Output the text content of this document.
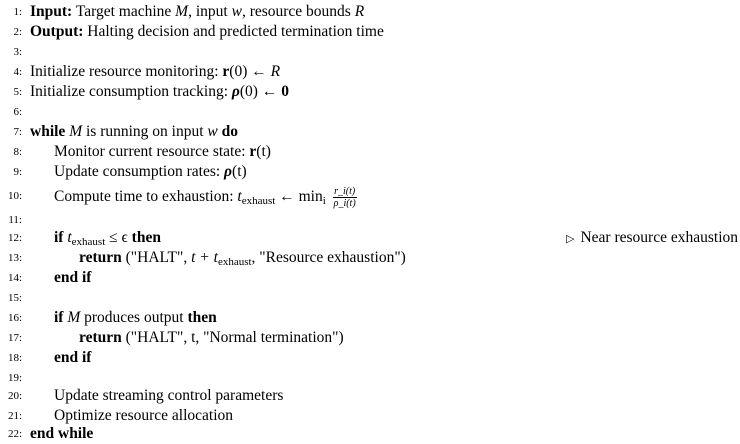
1: Input: Target machine M, input w, resource bounds R
2: Output: Halting decision and predicted termination time
3:
4: Initialize resource monitoring: r(0) ← R
5: Initialize consumption tracking: ρ(0) ← 0
6:
7: while M is running on input w do
8: Monitor current resource state: r(t)
9: Update consumption rates: ρ(t)
10: Compute time to exhaustion: $t_{exhaust}$ ← $\min_i \frac{r\_i(t)}{\rho\_i(t)}$
11:
12: if $t_{exhaust} \le \epsilon$ then	▷ Near resource exhaustion
13:	return ("HALT", $t + t_{exhaust}$, "Resource exhaustion")
14: end if
15:
16: if M produces output then
17:	return ("HALT", t, "Normal termination")
18: end if
19:
20: Update streaming control parameters
21: Optimize resource allocation
22: end while
